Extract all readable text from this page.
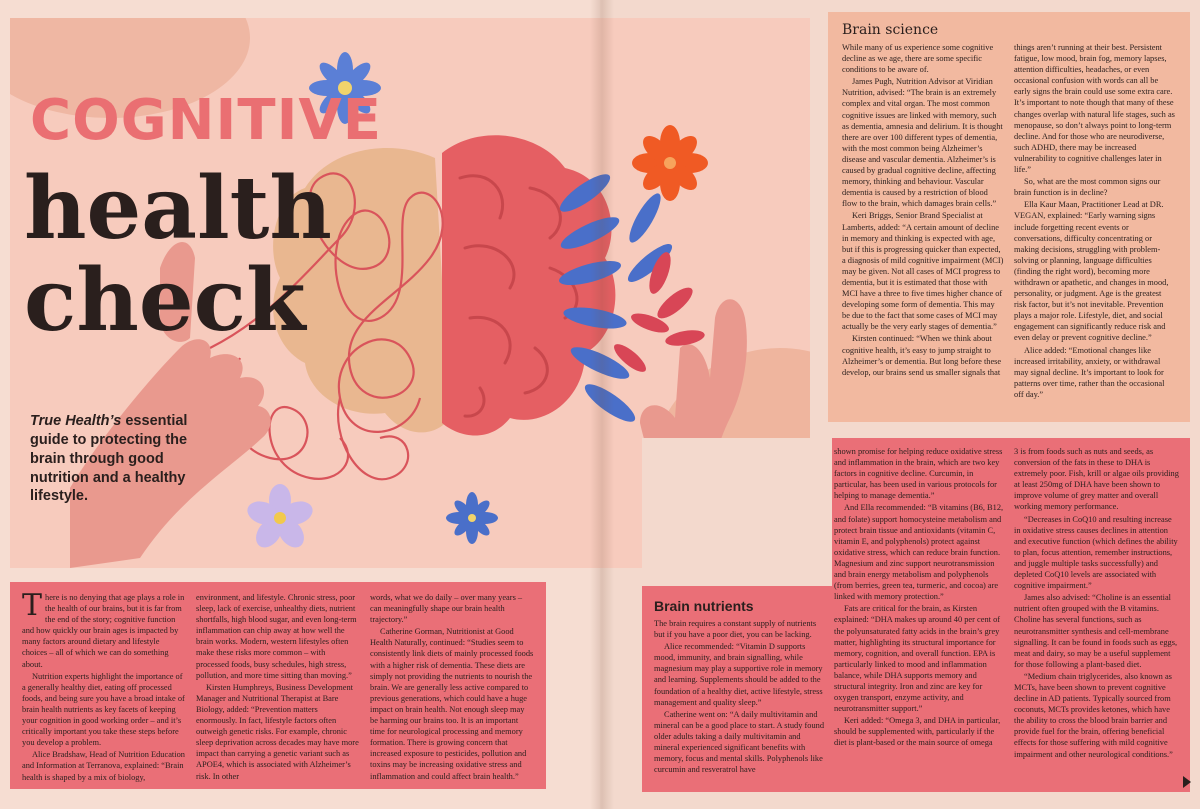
COGNITIVE
health
check

True Health’s essential guide to protecting the brain through good nutrition and a healthy lifestyle.

Brain science

While many of us experience some cognitive decline as we age, there are some specific conditions to be aware of.

James Pugh, Nutrition Advisor at Viridian Nutrition, advised: “The brain is an extremely complex and vital organ. The most common cognitive issues are linked with memory, such as dementia, amnesia and delirium. It is thought there are over 100 different types of dementia, with the most common being Alzheimer’s disease and vascular dementia. Alzheimer’s is caused by gradual cognitive decline, affecting memory, thinking and behaviour. Vascular dementia is caused by a restriction of blood flow to the brain, which damages brain cells.”

Keri Briggs, Senior Brand Specialist at Lamberts, added: “A certain amount of decline in memory and thinking is expected with age, but if this is progressing quicker than expected, a diagnosis of mild cognitive impairment (MCI) may be given. Not all cases of MCI progress to dementia, but it is estimated that those with MCI have a three to five times higher chance of developing some form of dementia. This may be due to the fact that some cases of MCI may actually be the very early stages of dementia.”

Kirsten continued: “When we think about cognitive health, it’s easy to jump straight to Alzheimer’s or dementia. But long before these develop, our brains send us smaller signals that

things aren’t running at their best. Persistent fatigue, low mood, brain fog, memory lapses, attention difficulties, headaches, or even occasional confusion with words can all be early signs the brain could use some extra care. It’s important to note though that many of these changes overlap with natural life stages, such as menopause, so don’t always point to long-term decline. And for those who are neurodiverse, such ADHD, there may be increased vulnerability to cognitive challenges later in life.”

So, what are the most common signs our brain function is in decline?

Ella Kaur Maan, Practitioner Lead at DR. VEGAN, explained: “Early warning signs include forgetting recent events or conversations, difficulty concentrating or making decisions, struggling with problem-solving or planning, language difficulties (finding the right word), becoming more withdrawn or apathetic, and changes in mood, personality, or judgment. Age is the greatest risk factor, but it’s not inevitable. Prevention plays a major role. Lifestyle, diet, and social engagement can significantly reduce risk and even delay or prevent cognitive decline.”

Alice added: “Emotional changes like increased irritability, anxiety, or withdrawal may signal decline. It’s important to look for patterns over time, rather than the occasional off day.”

There is no denying that age plays a role in the health of our brains, but it is far from the end of the story; cognitive function and how quickly our brain ages is impacted by many factors around dietary and lifestyle choices – all of which we can do something about.

Nutrition experts highlight the importance of a generally healthy diet, eating off processed foods, and being sure you have a broad intake of brain health nutrients as key facets of keeping your cognition in good working order – and it’s critically important you take these steps before you develop a problem.

Alice Bradshaw, Head of Nutrition Education and Information at Terranova, explained: “Brain health is shaped by a mix of biology,

environment, and lifestyle. Chronic stress, poor sleep, lack of exercise, unhealthy diets, nutrient shortfalls, high blood sugar, and even long-term inflammation can chip away at how well the brain works. Modern, western lifestyles often make these risks more common – with processed foods, busy schedules, high stress, pollution, and more time sitting than moving.”

Kirsten Humphreys, Business Development Manager and Nutritional Therapist at Bare Biology, added: “Prevention matters enormously. In fact, lifestyle factors often outweigh genetic risks. For example, chronic sleep deprivation across decades may have more impact than carrying a genetic variant such as APOE4, which is associated with Alzheimer’s risk. In other

words, what we do daily – over many years – can meaningfully shape our brain health trajectory.”

Catherine Gorman, Nutritionist at Good Health Naturally, continued: “Studies seem to consistently link diets of mainly processed foods with a higher risk of dementia. These diets are simply not providing the nutrients to nourish the brain. We are generally less active compared to previous generations, which could have a huge impact on brain health. Not enough sleep may be harming our brains too. It is an important time for neurological processing and memory formation. There is growing concern that increased exposure to pesticides, pollution and toxins may be increasing oxidative stress and inflammation and could affect brain health.”

Brain nutrients

The brain requires a constant supply of nutrients but if you have a poor diet, you can be lacking.

Alice recommended: “Vitamin D supports mood, immunity, and brain signalling, while magnesium may play a supportive role in memory and learning. Supplements should be added to the foundation of a healthy diet, active lifestyle, stress management and quality sleep.”

Catherine went on: “A daily multivitamin and mineral can be a good place to start. A study found older adults taking a daily multivitamin and mineral experienced significant benefits with memory, focus and mental skills. Polyphenols like curcumin and resveratrol have

shown promise for helping reduce oxidative stress and inflammation in the brain, which are two key factors in cognitive decline. Curcumin, in particular, has been used in various protocols for helping to manage dementia.”

And Ella recommended: “B vitamins (B6, B12, and folate) support homocysteine metabolism and protect brain tissue and antioxidants (vitamin C, vitamin E, and polyphenols) protect against oxidative stress, which can reduce brain function. Magnesium and zinc support neurotransmission and brain energy metabolism and polyphenols (from berries, green tea, turmeric, and cocoa) are linked with memory protection.”

Fats are critical for the brain, as Kirsten explained: “DHA makes up around 40 per cent of the polyunsaturated fatty acids in the brain’s grey matter, highlighting its structural importance for memory, cognition, and overall function. EPA is particularly linked to mood and inflammation balance, while DHA supports memory and structural integrity. Iron and zinc are key for oxygen transport, enzyme activity, and neurotransmitter support.”

Keri added: “Omega 3, and DHA in particular, should be supplemented with, particularly if the diet is plant-based or the main source of omega

3 is from foods such as nuts and seeds, as conversion of the fats in these to DHA is extremely poor. Fish, krill or algae oils providing at least 250mg of DHA have been shown to improve volume of grey matter and overall working memory performance.

“Decreases in CoQ10 and resulting increase in oxidative stress causes declines in attention and executive function (which defines the ability to plan, focus attention, remember instructions, and juggle multiple tasks successfully) and depleted CoQ10 levels are associated with cognitive impairment.”

James also advised: “Choline is an essential nutrient often grouped with the B vitamins. Choline has several functions, such as neurotransmitter synthesis and cell-membrane signalling. It can be found in foods such as eggs, meat and dairy, so may be a useful supplement for those following a plant-based diet.

“Medium chain triglycerides, also known as MCTs, have been shown to prevent cognitive decline in AD patients. Typically sourced from coconuts, MCTs provides ketones, which have the ability to cross the blood brain barrier and provide fuel for the brain, offering beneficial effects for those suffering with mild cognitive impairment and other neurological conditions.”
